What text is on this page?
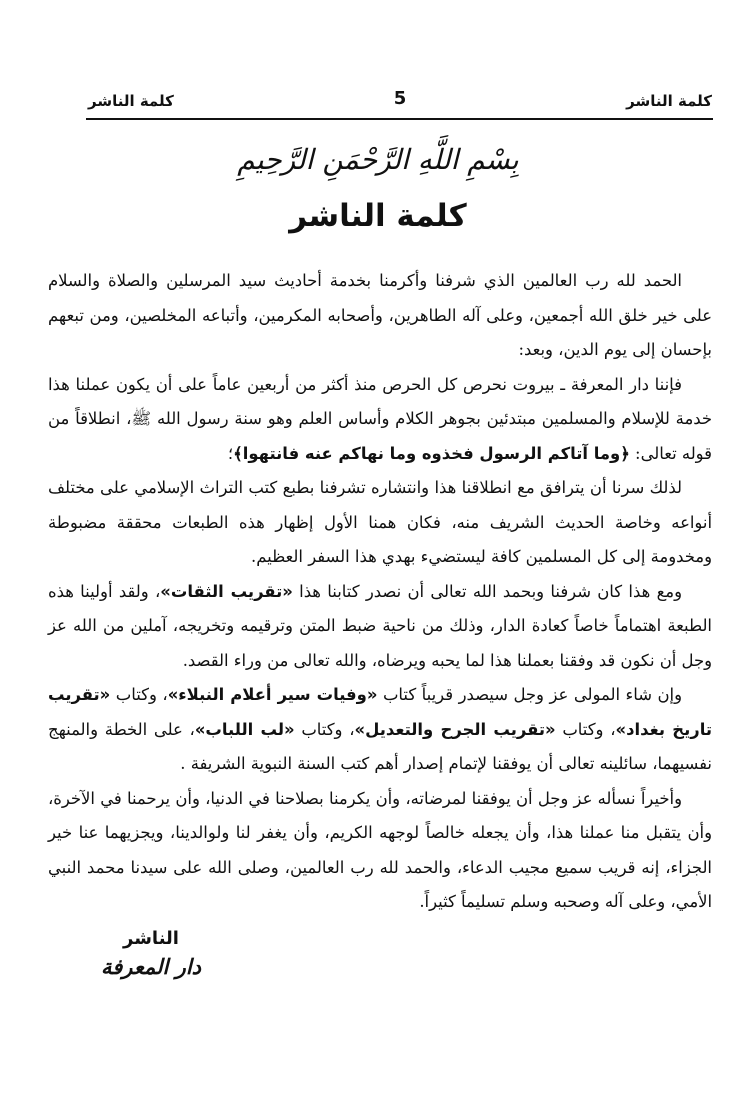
كلمة الناشر
5
كلمة الناشر
بِسْمِ اللَّهِ الرَّحْمَنِ الرَّحِيمِ
كلمة الناشر

الحمد لله رب العالمين الذي شرفنا وأكرمنا بخدمة أحاديث سيد المرسلين والصلاة والسلام على خير خلق الله أجمعين، وعلى آله الطاهرين، وأصحابه المكرمين، وأتباعه المخلصين، ومن تبعهم بإحسان إلى يوم الدين، وبعد:

فإننا دار المعرفة ـ بيروت نحرص كل الحرص منذ أكثر من أربعين عاماً على أن يكون عملنا هذا خدمة للإسلام والمسلمين مبتدئين بجوهر الكلام وأساس العلم وهو سنة رسول الله ﷺ، انطلاقاً من قوله تعالى: ﴿وما آتاكم الرسول فخذوه وما نهاكم عنه فانتهوا﴾؛

لذلك سرنا أن يترافق مع انطلاقنا هذا وانتشاره تشرفنا بطبع كتب التراث الإسلامي على مختلف أنواعه وخاصة الحديث الشريف منه، فكان همنا الأول إظهار هذه الطبعات محققة مضبوطة ومخدومة إلى كل المسلمين كافة ليستضيء بهدي هذا السفر العظيم.

ومع هذا كان شرفنا وبحمد الله تعالى أن نصدر كتابنا هذا «تقريب الثقات»، ولقد أولينا هذه الطبعة اهتماماً خاصاً كعادة الدار، وذلك من ناحية ضبط المتن وترقيمه وتخريجه، آملين من الله عز وجل أن نكون قد وفقنا بعملنا هذا لما يحبه ويرضاه، والله تعالى من وراء القصد.

وإن شاء المولى عز وجل سيصدر قريباً كتاب «وفيات سير أعلام النبلاء»، وكتاب «تقريب تاريخ بغداد»، وكتاب «تقريب الجرح والتعديل»، وكتاب «لب اللباب»، على الخطة والمنهج نفسيهما، سائلينه تعالى أن يوفقنا لإتمام إصدار أهم كتب السنة النبوية الشريفة .

وأخيراً نسأله عز وجل أن يوفقنا لمرضاته، وأن يكرمنا بصلاحنا في الدنيا، وأن يرحمنا في الآخرة، وأن يتقبل منا عملنا هذا، وأن يجعله خالصاً لوجهه الكريم، وأن يغفر لنا ولوالدينا، ويجزيهما عنا خير الجزاء، إنه قريب سميع مجيب الدعاء، والحمد لله رب العالمين، وصلى الله على سيدنا محمد النبي الأمي، وعلى آله وصحبه وسلم تسليماً كثيراً.

الناشر
دار المعرفة
